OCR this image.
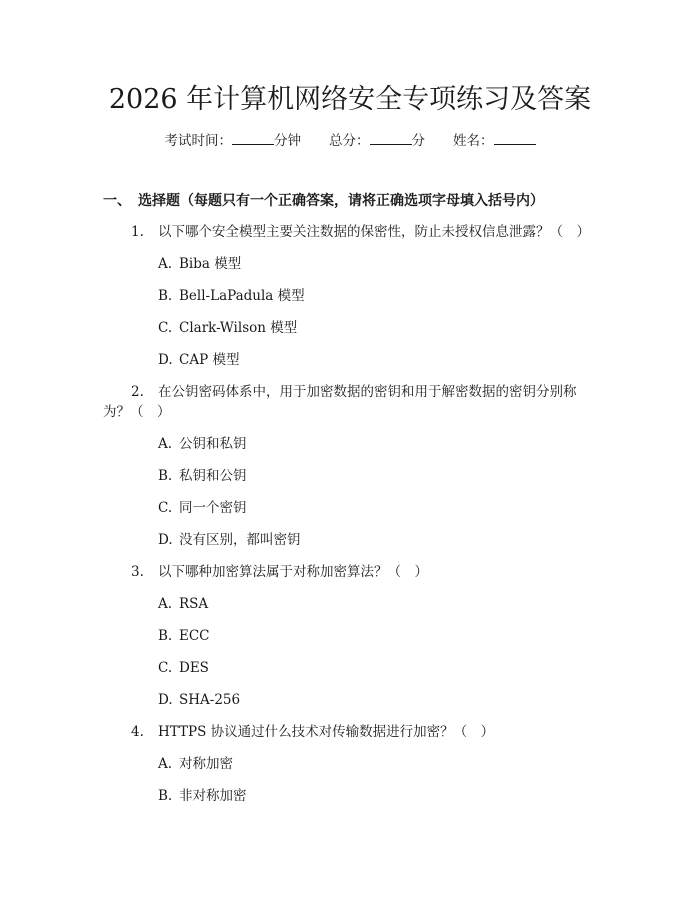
2026 年计算机网络安全专项练习及答案
考试时间：	分钟 总分：	分 姓名：
一、 选择题（每题只有一个正确答案，请将正确选项字母填入括号内）
1. 以下哪个安全模型主要关注数据的保密性，防止未授权信息泄露？（　）
A. Biba 模型
B. Bell-LaPadula 模型
C. Clark-Wilson 模型
D. CAP 模型
2. 在公钥密码体系中，用于加密数据的密钥和用于解密数据的密钥分别称
为？（　）
A. 公钥和私钥
B. 私钥和公钥
C. 同一个密钥
D. 没有区别，都叫密钥
3. 以下哪种加密算法属于对称加密算法？（　）
A. RSA
B. ECC
C. DES
D. SHA-256
4. HTTPS 协议通过什么技术对传输数据进行加密？（　）
A. 对称加密
B. 非对称加密
